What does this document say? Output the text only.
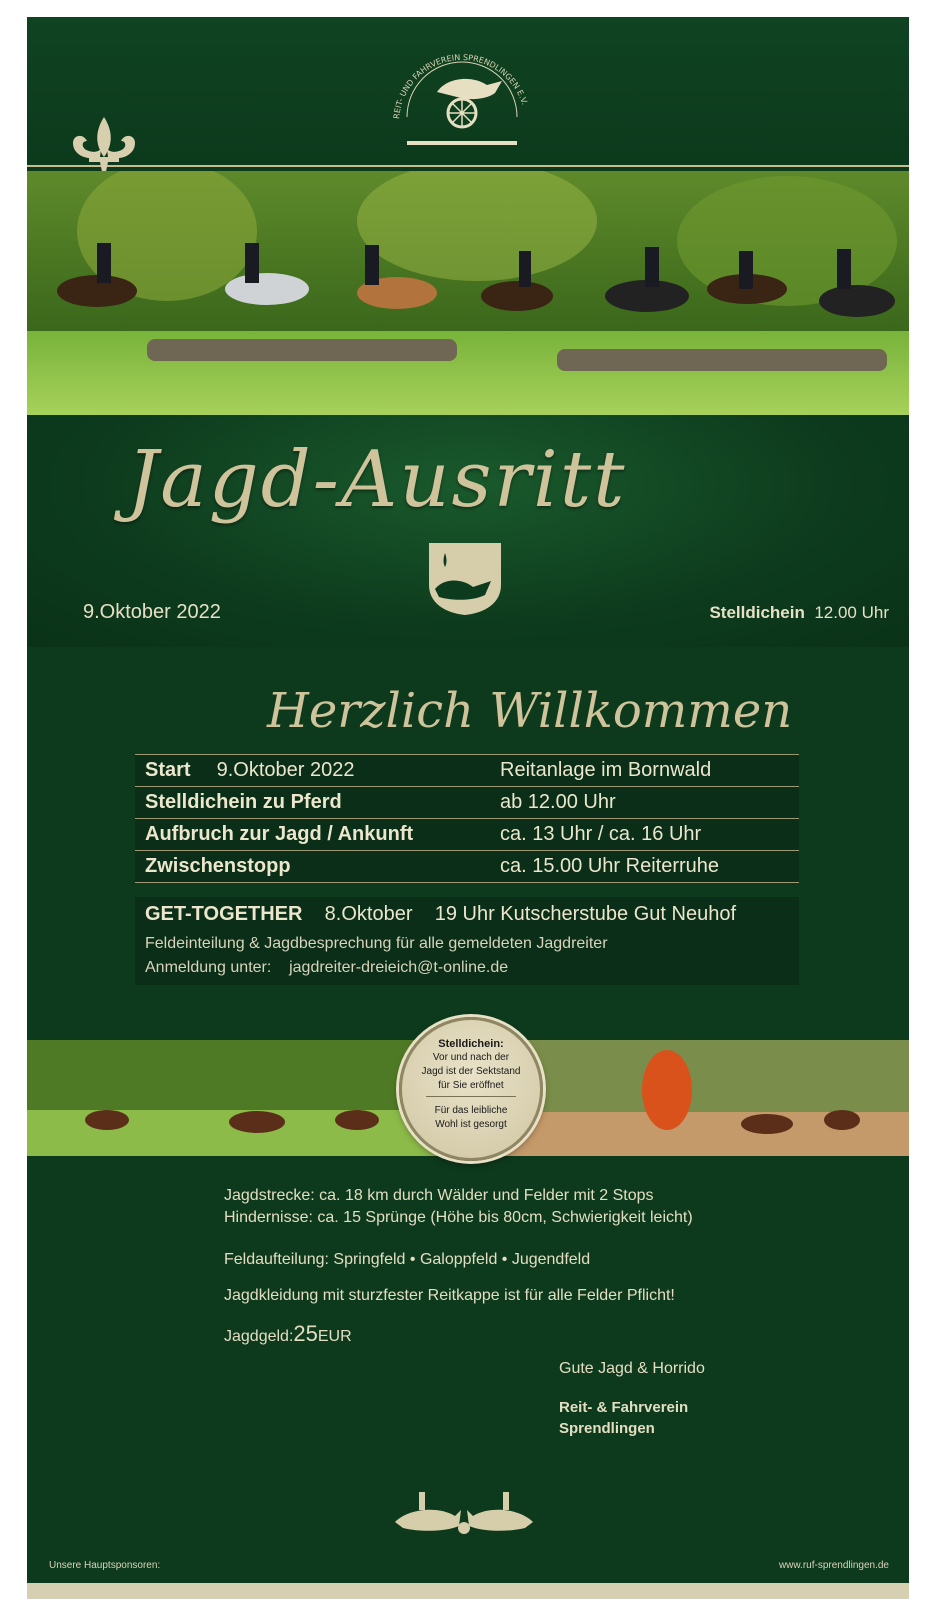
REIT- UND FAHRVEREIN SPRENDLINGEN E.V.
Jagd-Ausritt
9.Oktober 2022	Stelldichein 12.00 Uhr
Herzlich Willkommen
Start 9.Oktober 2022	Reitanlage im Bornwald
Stelldichein zu Pferd	ab 12.00 Uhr
Aufbruch zur Jagd / Ankunft	ca. 13 Uhr / ca. 16 Uhr
Zwischenstopp	ca. 15.00 Uhr Reiterruhe
GET-TOGETHER 8.Oktober 19 Uhr Kutscherstube Gut Neuhof
Feldeinteilung & Jagdbesprechung für alle gemeldeten Jagdreiter
Anmeldung unter: jagdreiter-dreieich@t-online.de
Stelldichein:
Vor und nach der
Jagd ist der Sektstand
für Sie eröffnet
Für das leibliche
Wohl ist gesorgt
Jagdstrecke: ca. 18 km durch Wälder und Felder mit 2 Stops
Hindernisse: ca. 15 Sprünge (Höhe bis 80cm, Schwierigkeit leicht)
Feldaufteilung: Springfeld • Galoppfeld • Jugendfeld
Jagdkleidung mit sturzfester Reitkappe ist für alle Felder Pflicht!
Jagdgeld:25EUR
Gute Jagd & Horrido
Reit- & Fahrverein
Sprendlingen
Unsere Hauptsponsoren:	www.ruf-sprendlingen.de
